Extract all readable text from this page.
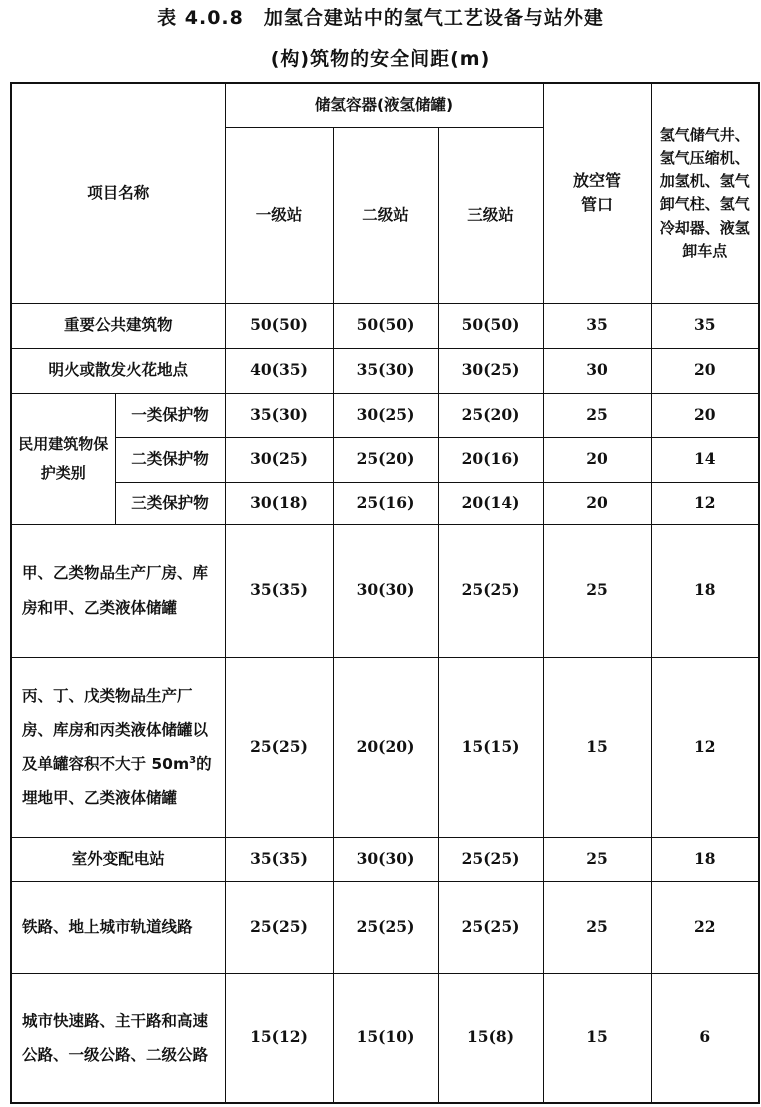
表 4.0.8　加氢合建站中的氢气工艺设备与站外建
(构)筑物的安全间距(m)
项目名称		储氢容器(液氢储罐)			放空管管口	氢气储气井、氢气压缩机、加氢机、氢气卸气柱、氢气冷却器、液氢卸车点
		一级站	二级站	三级站		
重要公共建筑物		50(50)	50(50)	50(50)	35	35
明火或散发火花地点		40(35)	35(30)	30(25)	30	20
民用建筑物保护类别	一类保护物	35(30)	30(25)	25(20)	25	20
	二类保护物	30(25)	25(20)	20(16)	20	14
	三类保护物	30(18)	25(16)	20(14)	20	12
甲、乙类物品生产厂房、库房和甲、乙类液体储罐		35(35)	30(30)	25(25)	25	18
丙、丁、戊类物品生产厂房、库房和丙类液体储罐以及单罐容积不大于 $50m^3$的埋地甲、乙类液体储罐		25(25)	20(20)	15(15)	15	12
室外变配电站		35(35)	30(30)	25(25)	25	18
铁路、地上城市轨道线路		25(25)	25(25)	25(25)	25	22
城市快速路、主干路和高速公路、一级公路、二级公路		15(12)	15(10)	15(8)	15	6
